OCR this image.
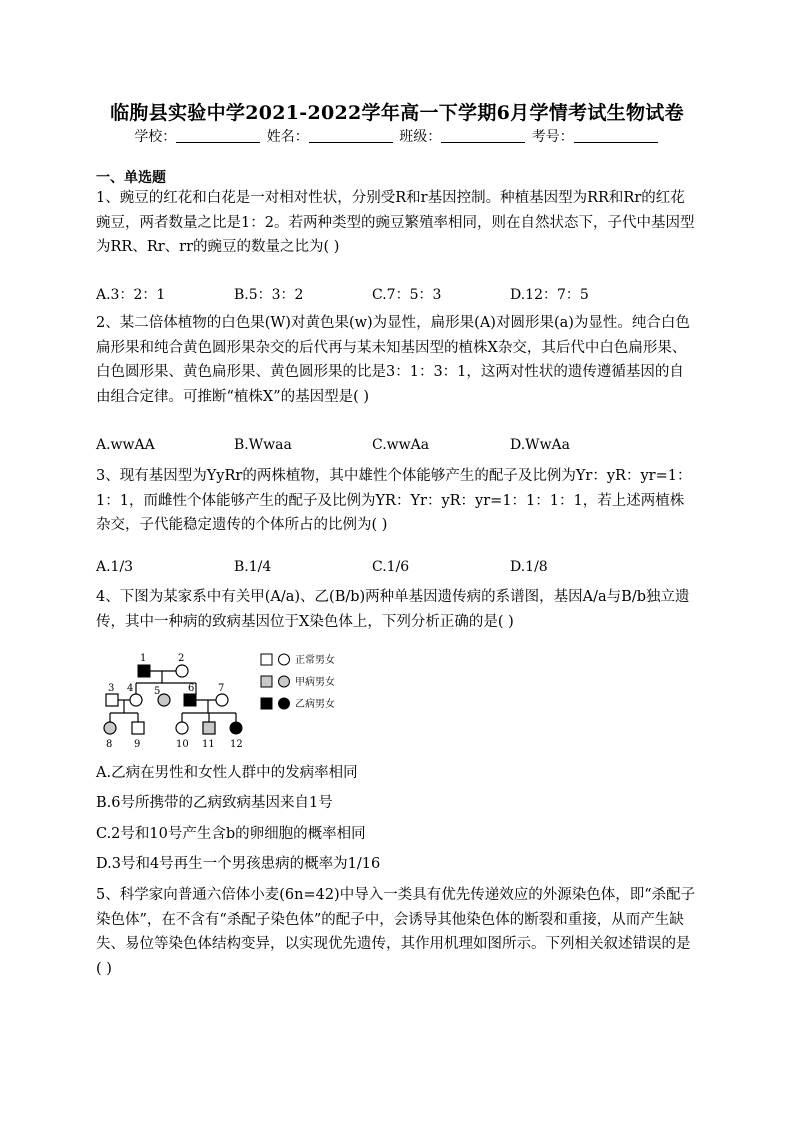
临朐县实验中学2021-2022学年高一下学期6月学情考试生物试卷
学校：	姓名：	班级：	考号：
一、单选题
1、豌豆的红花和白花是一对相对性状，分别受R和r基因控制。种植基因型为RR和Rr的红花豌豆，两者数量之比是1：2。若两种类型的豌豆繁殖率相同，则在自然状态下，子代中基因型为RR、Rr、rr的豌豆的数量之比为( )
A.3：2：1	B.5：3：2	C.7：5：3	D.12：7：5
2、某二倍体植物的白色果(W)对黄色果(w)为显性，扁形果(A)对圆形果(a)为显性。纯合白色扁形果和纯合黄色圆形果杂交的后代再与某未知基因型的植株X杂交，其后代中白色扁形果、白色圆形果、黄色扁形果、黄色圆形果的比是3：1：3：1，这两对性状的遗传遵循基因的自由组合定律。可推断“植株X”的基因型是( )
A.wwAA	B.Wwaa	C.wwAa	D.WwAa
3、现有基因型为YyRr的两株植物，其中雄性个体能够产生的配子及比例为Yr：yR：yr=1：1：1，而雌性个体能够产生的配子及比例为YR：Yr：yR：yr=1：1：1：1，若上述两植株杂交，子代能稳定遗传的个体所占的比例为( )
A.1/3	B.1/4	C.1/6	D.1/8
4、下图为某家系中有关甲(A/a)、乙(B/b)两种单基因遗传病的系谱图，基因A/a与B/b独立遗传，其中一种病的致病基因位于X染色体上，下列分析正确的是( )
1	2
3 4 5	6 7
8 9	10 11 12
正常男女
甲病男女
乙病男女
A.乙病在男性和女性人群中的发病率相同
B.6号所携带的乙病致病基因来自1号
C.2号和10号产生含b的卵细胞的概率相同
D.3号和4号再生一个男孩患病的概率为1/16
5、科学家向普通六倍体小麦(6n=42)中导入一类具有优先传递效应的外源染色体，即“杀配子染色体”，在不含有“杀配子染色体”的配子中，会诱导其他染色体的断裂和重接，从而产生缺失、易位等染色体结构变异，以实现优先遗传，其作用机理如图所示。下列相关叙述错误的是( )
